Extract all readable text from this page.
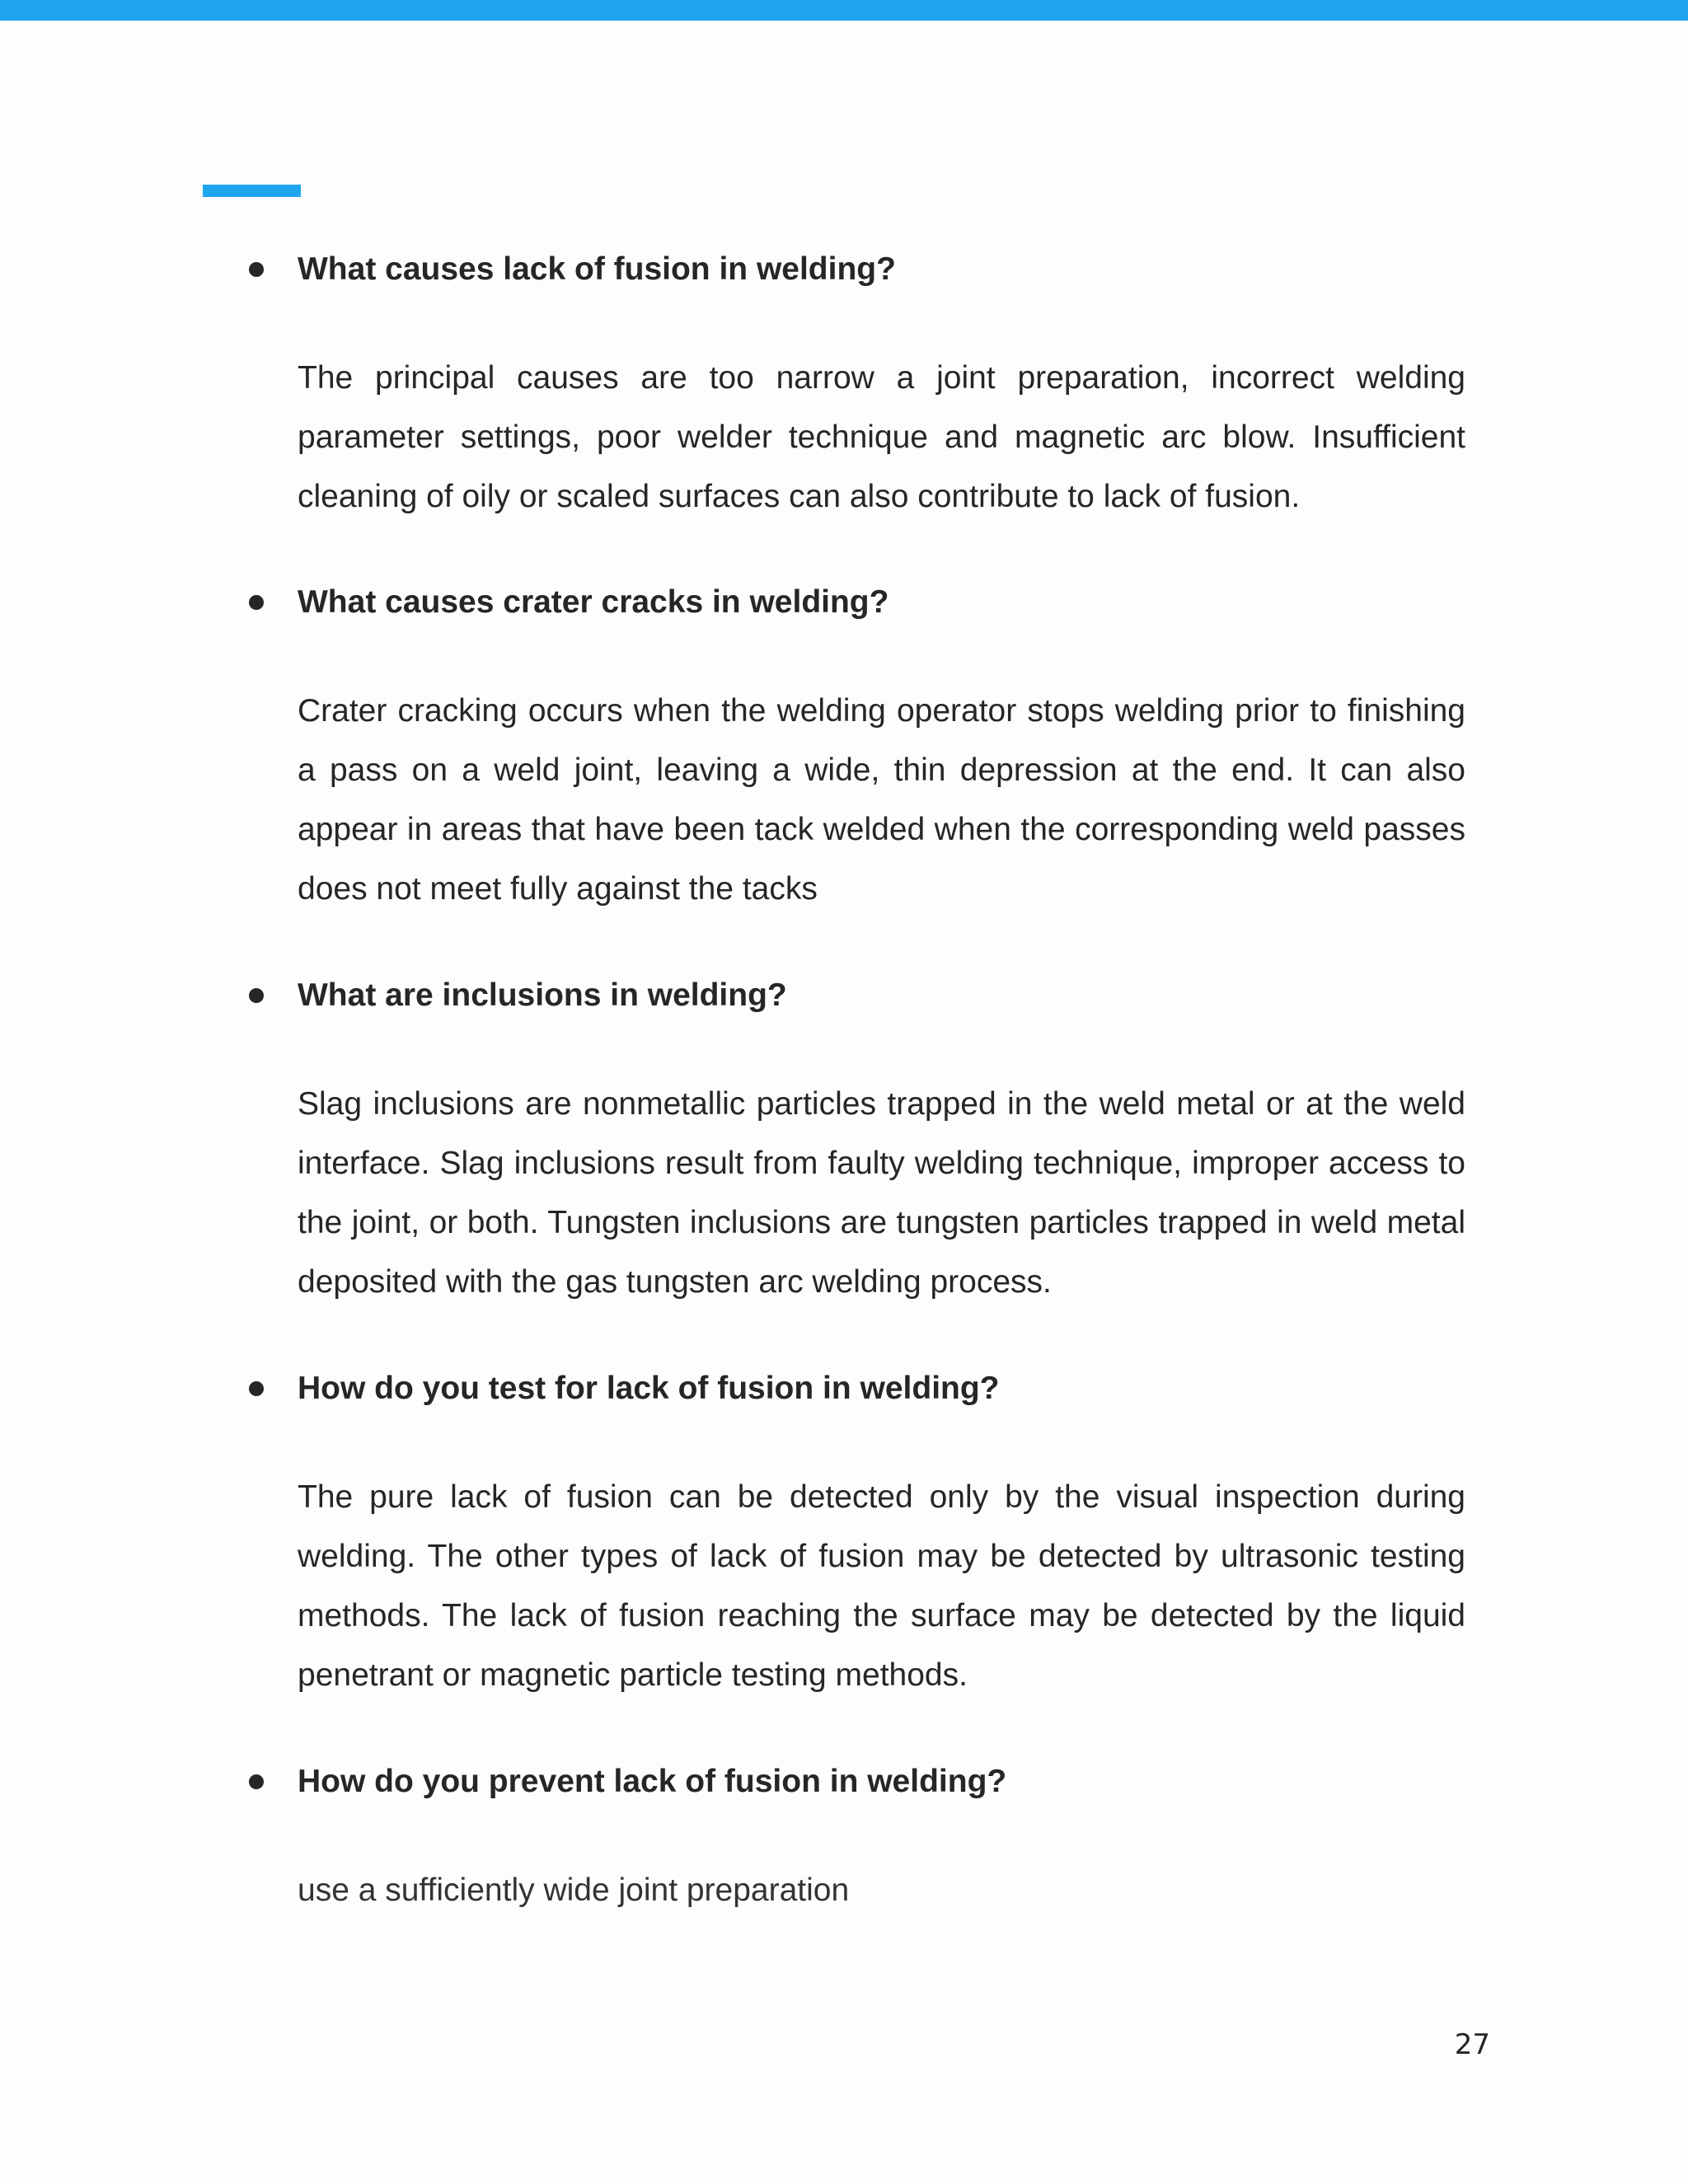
What causes lack of fusion in welding?

The principal causes are too narrow a joint preparation, incorrect welding parameter settings, poor welder technique and magnetic arc blow. Insufficient cleaning of oily or scaled surfaces can also contribute to lack of fusion.

What causes crater cracks in welding?

Crater cracking occurs when the welding operator stops welding prior to finishing a pass on a weld joint, leaving a wide, thin depression at the end. It can also appear in areas that have been tack welded when the corresponding weld passes does not meet fully against the tacks

What are inclusions in welding?

Slag inclusions are nonmetallic particles trapped in the weld metal or at the weld interface. Slag inclusions result from faulty welding technique, improper access to the joint, or both. Tungsten inclusions are tungsten particles trapped in weld metal deposited with the gas tungsten arc welding process.

How do you test for lack of fusion in welding?

The pure lack of fusion can be detected only by the visual inspection during welding. The other types of lack of fusion may be detected by ultrasonic testing methods. The lack of fusion reaching the surface may be detected by the liquid penetrant or magnetic particle testing methods.

How do you prevent lack of fusion in welding?

use a sufficiently wide joint preparation

27
